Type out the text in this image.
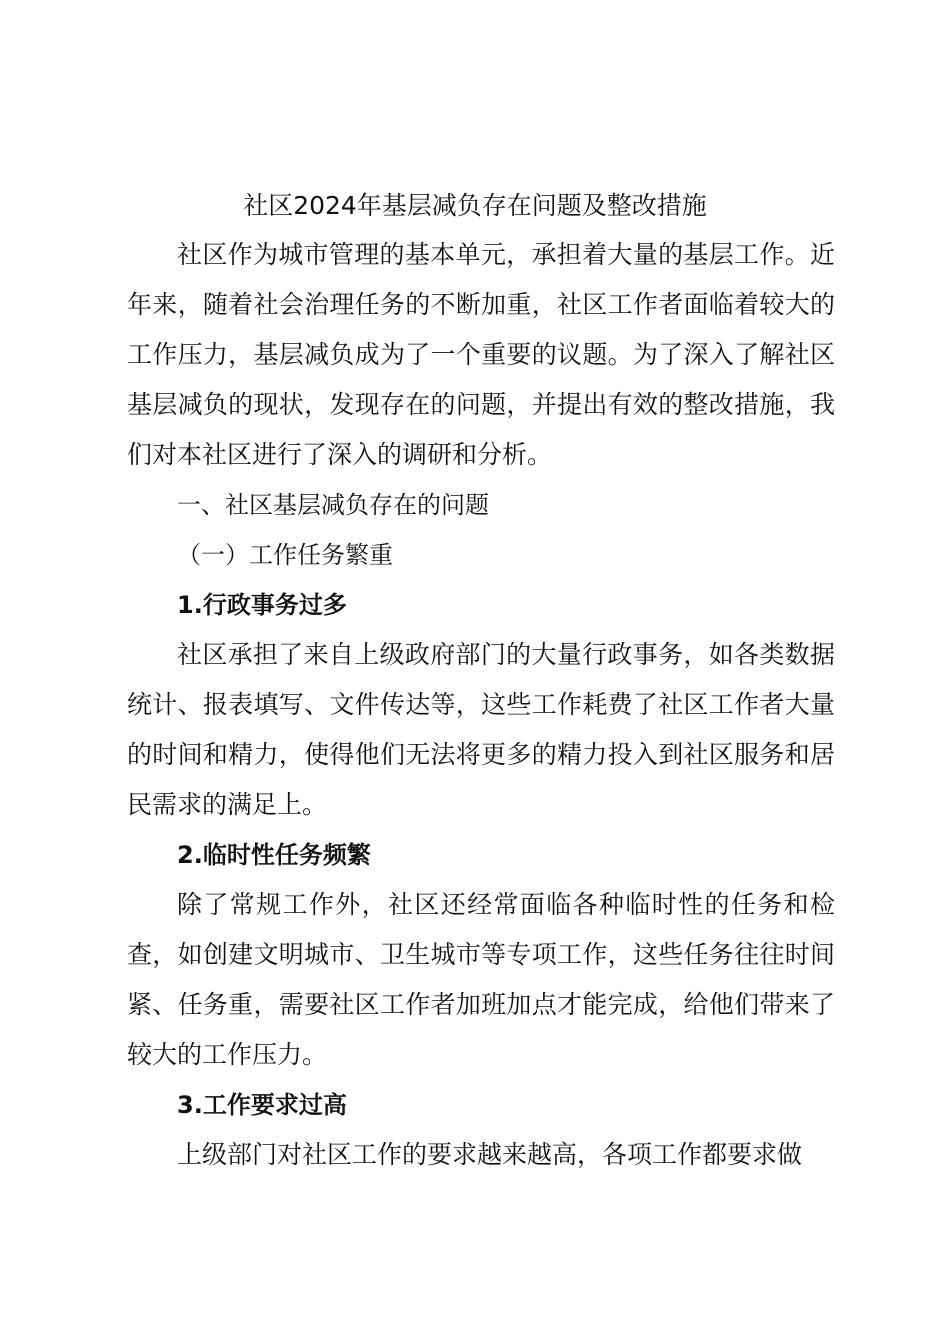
社区2024年基层减负存在问题及整改措施

社区作为城市管理的基本单元，承担着大量的基层工作。近年来，随着社会治理任务的不断加重，社区工作者面临着较大的工作压力，基层减负成为了一个重要的议题。为了深入了解社区基层减负的现状，发现存在的问题，并提出有效的整改措施，我们对本社区进行了深入的调研和分析。

一、社区基层减负存在的问题

（一）工作任务繁重

1.行政事务过多

社区承担了来自上级政府部门的大量行政事务，如各类数据统计、报表填写、文件传达等，这些工作耗费了社区工作者大量的时间和精力，使得他们无法将更多的精力投入到社区服务和居民需求的满足上。

2.临时性任务频繁

除了常规工作外，社区还经常面临各种临时性的任务和检查，如创建文明城市、卫生城市等专项工作，这些任务往往时间紧、任务重，需要社区工作者加班加点才能完成，给他们带来了较大的工作压力。

3.工作要求过高

上级部门对社区工作的要求越来越高，各项工作都要求做
